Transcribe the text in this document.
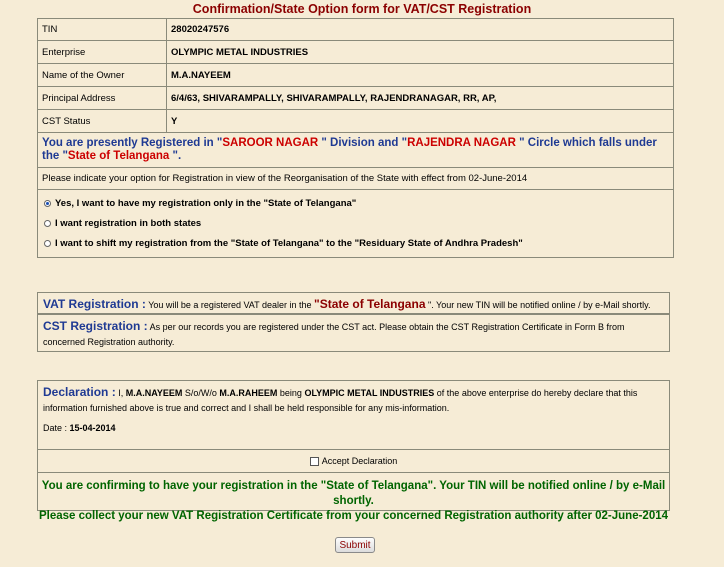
Confirmation/State Option form for VAT/CST Registration
TIN	28020247576
Enterprise	OLYMPIC METAL INDUSTRIES
Name of the Owner	M.A.NAYEEM
Principal Address	6/4/63, SHIVARAMPALLY, SHIVARAMPALLY, RAJENDRANAGAR, RR, AP,
CST Status	Y
You are presently Registered in "SAROOR NAGAR " Division and "RAJENDRA NAGAR " Circle which falls under the "State of Telangana ".	
Please indicate your option for Registration in view of the Reorganisation of the State with effect from 02-June-2014	

Yes, I want to have my registration only in the "State of Telangana"
I want registration in both states
I want to shift my registration from the "State of Telangana" to the "Residuary State of Andhra Pradesh"	
VAT Registration : You will be a registered VAT dealer in the "State of Telangana ". Your new TIN will be notified online / by e-Mail shortly.
CST Registration : As per our records you are registered under the CST act. Please obtain the CST Registration Certificate in Form B from concerned Registration authority.
Declaration : I, M.A.NAYEEM S/o/W/o M.A.RAHEEM being OLYMPIC METAL INDUSTRIES of the above enterprise do hereby declare that this information furnished above is true and correct and I shall be held responsible for any mis-information.
Date : 15-04-2014
Accept Declaration
You are confirming to have your registration in the "State of Telangana". Your TIN will be notified online / by e-Mail shortly.
Please collect your new VAT Registration Certificate from your concerned Registration authority after 02-June-2014
Submit
